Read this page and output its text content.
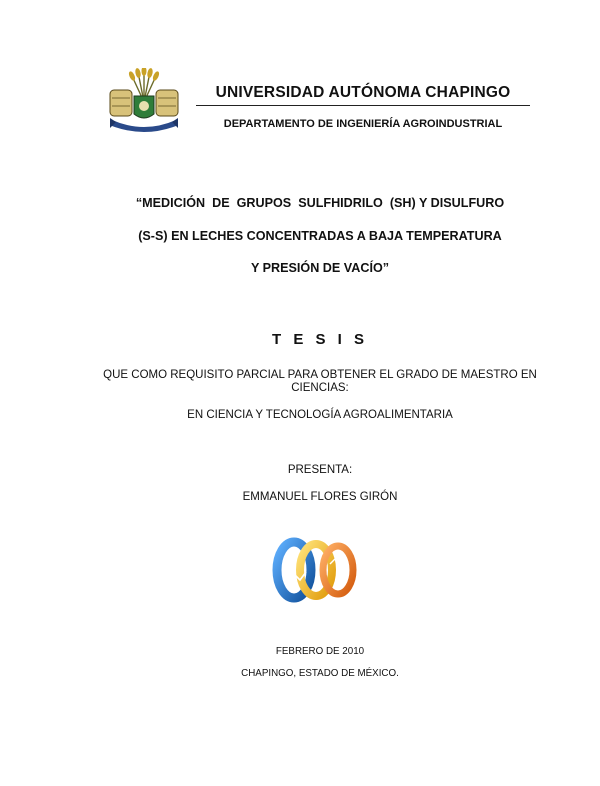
UNIVERSIDAD AUTÓNOMA CHAPINGO
DEPARTAMENTO DE INGENIERÍA AGROINDUSTRIAL
“MEDICIÓN  DE  GRUPOS  SULFHIDRILO  (SH) Y DISULFURO
(S-S) EN LECHES CONCENTRADAS A BAJA TEMPERATURA
Y PRESIÓN DE VACÍO”
T E S I S
QUE COMO REQUISITO PARCIAL PARA OBTENER EL GRADO DE MAESTRO EN CIENCIAS:
EN CIENCIA Y TECNOLOGÍA AGROALIMENTARIA
PRESENTA:
EMMANUEL FLORES GIRÓN
FEBRERO DE 2010
CHAPINGO, ESTADO DE MÉXICO.
